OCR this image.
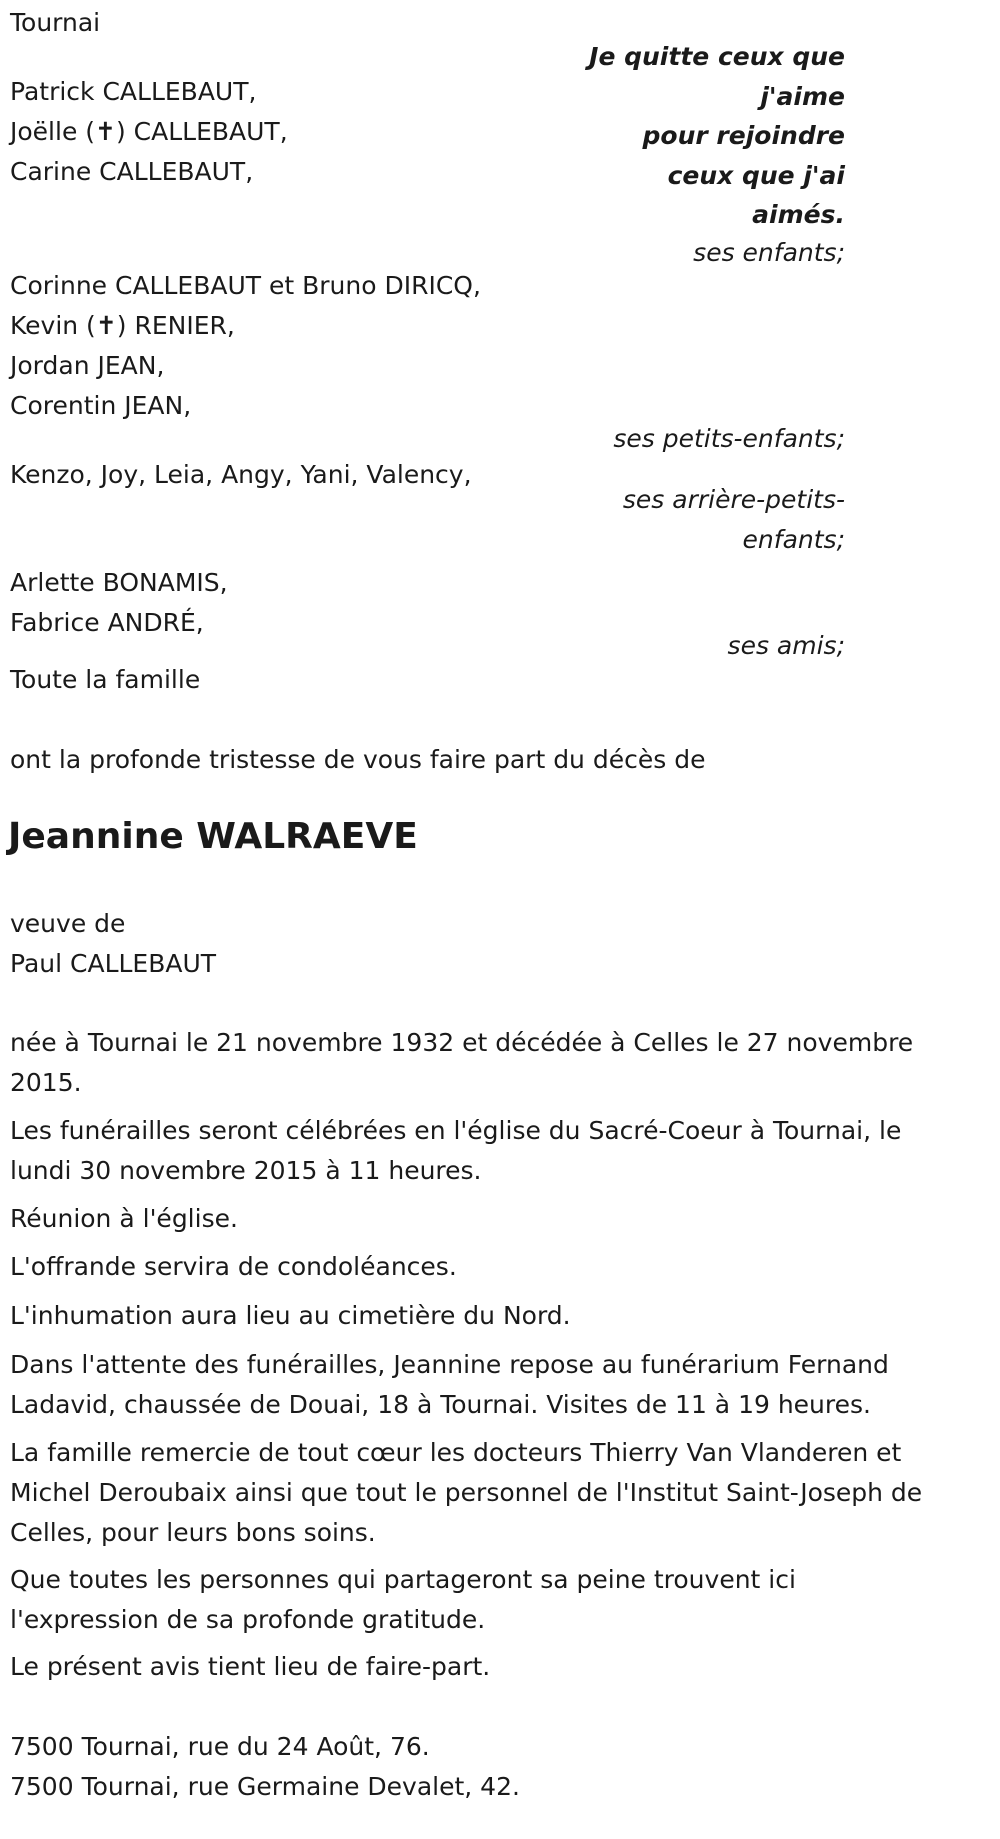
Tournai
Je quitte ceux que
j'aime
pour rejoindre
ceux que j'ai
aimés.
Patrick CALLEBAUT,
Joëlle (✝) CALLEBAUT,
Carine CALLEBAUT,
ses enfants;
Corinne CALLEBAUT et Bruno DIRICQ,
Kevin (✝) RENIER,
Jordan JEAN,
Corentin JEAN,
ses petits-enfants;
Kenzo, Joy, Leia, Angy, Yani, Valency,
ses arrière-petits-
enfants;
Arlette BONAMIS,
Fabrice ANDRÉ,
ses amis;
Toute la famille
ont la profonde tristesse de vous faire part du décès de
Jeannine WALRAEVE
veuve de
Paul CALLEBAUT
née à Tournai le 21 novembre 1932 et décédée à Celles le 27 novembre
2015.
Les funérailles seront célébrées en l'église du Sacré-Coeur à Tournai, le
lundi 30 novembre 2015 à 11 heures.
Réunion à l'église.
L'offrande servira de condoléances.
L'inhumation aura lieu au cimetière du Nord.
Dans l'attente des funérailles, Jeannine repose au funérarium Fernand
Ladavid, chaussée de Douai, 18 à Tournai. Visites de 11 à 19 heures.
La famille remercie de tout cœur les docteurs Thierry Van Vlanderen et
Michel Deroubaix ainsi que tout le personnel de l'Institut Saint-Joseph de
Celles, pour leurs bons soins.
Que toutes les personnes qui partageront sa peine trouvent ici
l'expression de sa profonde gratitude.
Le présent avis tient lieu de faire-part.
7500 Tournai, rue du 24 Août, 76.
7500 Tournai, rue Germaine Devalet, 42.
